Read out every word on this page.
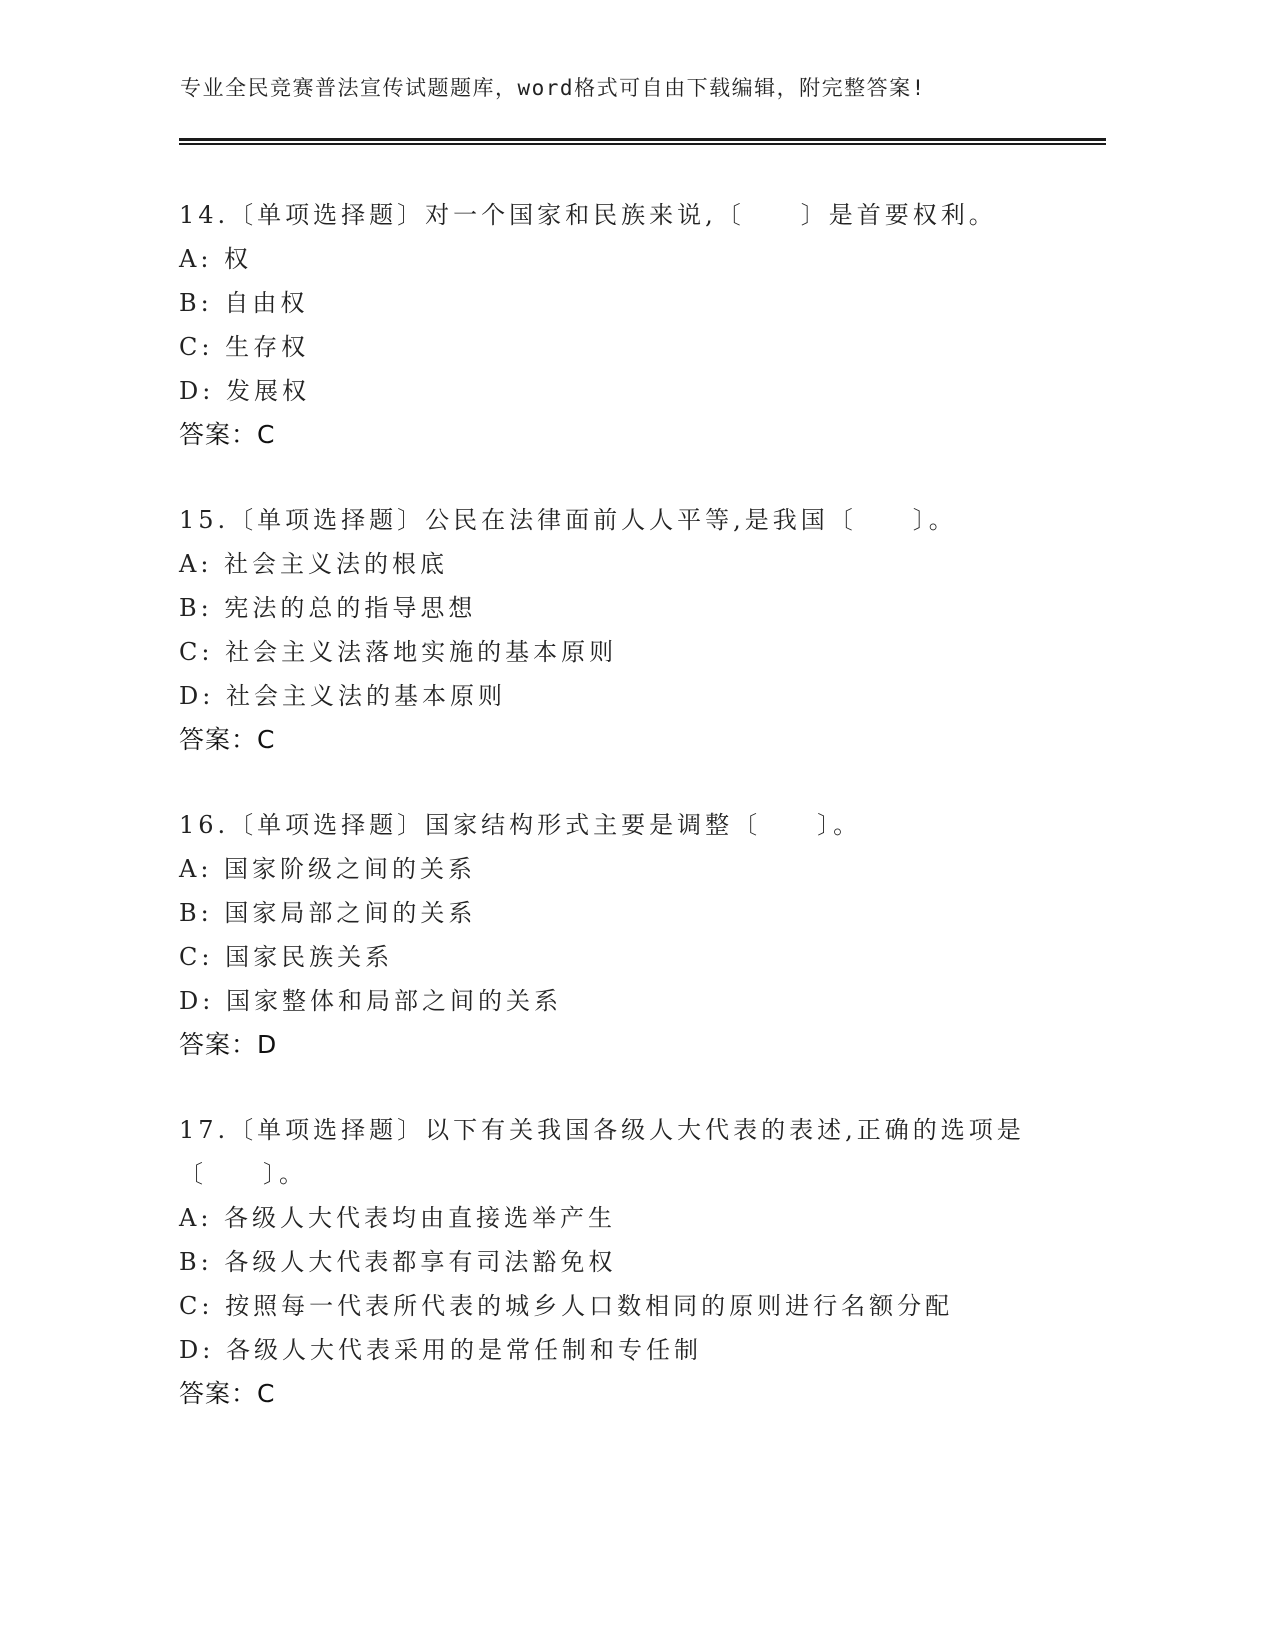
专业全民竞赛普法宣传试题题库，word格式可自由下载编辑，附完整答案!

14.〔单项选择题〕对一个国家和民族来说,〔　　〕是首要权利。

A: 权

B: 自由权

C: 生存权

D: 发展权

答案：C

15.〔单项选择题〕公民在法律面前人人平等,是我国〔　　〕。

A: 社会主义法的根底

B: 宪法的总的指导思想

C: 社会主义法落地实施的基本原则

D: 社会主义法的基本原则

答案：C

16.〔单项选择题〕国家结构形式主要是调整〔　　〕。

A: 国家阶级之间的关系

B: 国家局部之间的关系

C: 国家民族关系

D: 国家整体和局部之间的关系

答案：D

17.〔单项选择题〕以下有关我国各级人大代表的表述,正确的选项是〔　　〕。

A: 各级人大代表均由直接选举产生

B: 各级人大代表都享有司法豁免权

C: 按照每一代表所代表的城乡人口数相同的原则进行名额分配

D: 各级人大代表采用的是常任制和专任制

答案：C
